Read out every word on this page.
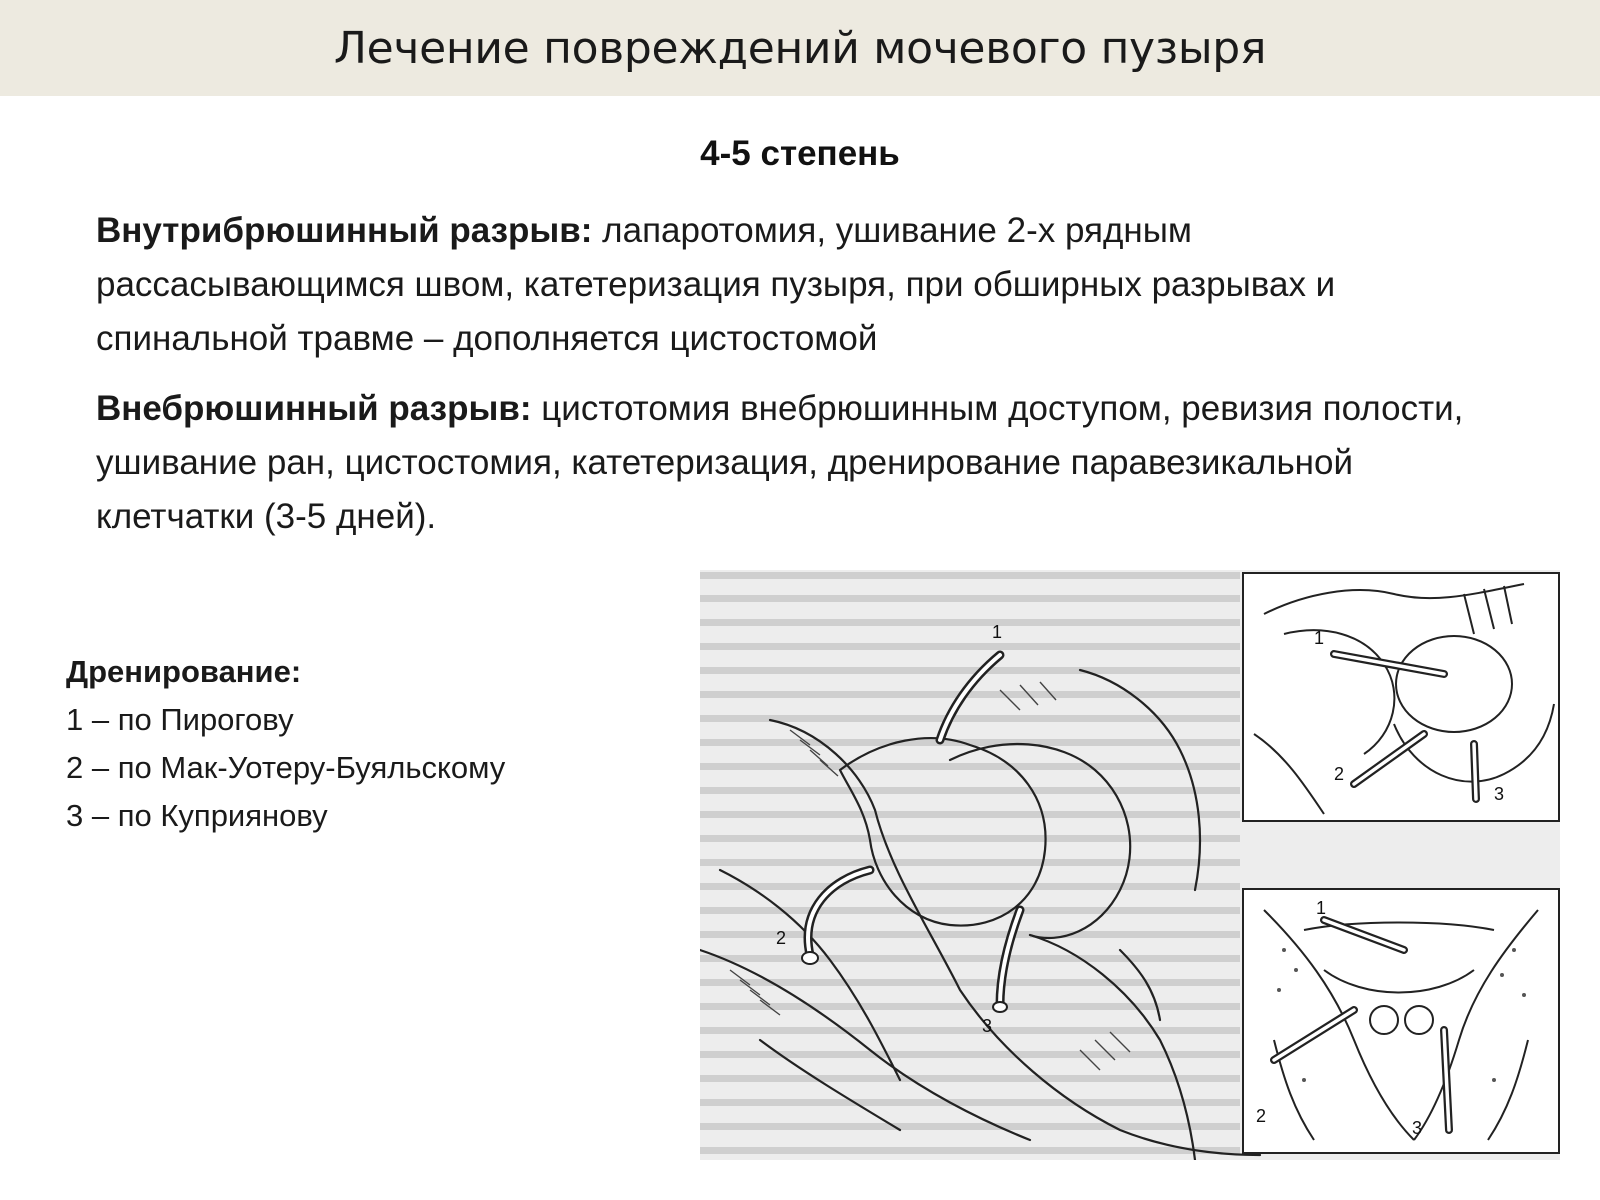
Лечение повреждений мочевого пузыря
4-5 степень
Внутрибрюшинный разрыв: лапаротомия, ушивание 2-х рядным рассасывающимся швом, катетеризация пузыря, при обширных разрывах и спинальной травме – дополняется цистостомой
Внебрюшинный разрыв: цистотомия внебрюшинным доступом, ревизия полости, ушивание ран, цистостомия, катетеризация, дренирование паравезикальной клетчатки (3-5 дней).
Дренирование:
1 – по Пирогову
2 – по Мак-Уотеру-Буяльскому
3 – по Куприянову
1
2
3
1
2
3
1
2
3
